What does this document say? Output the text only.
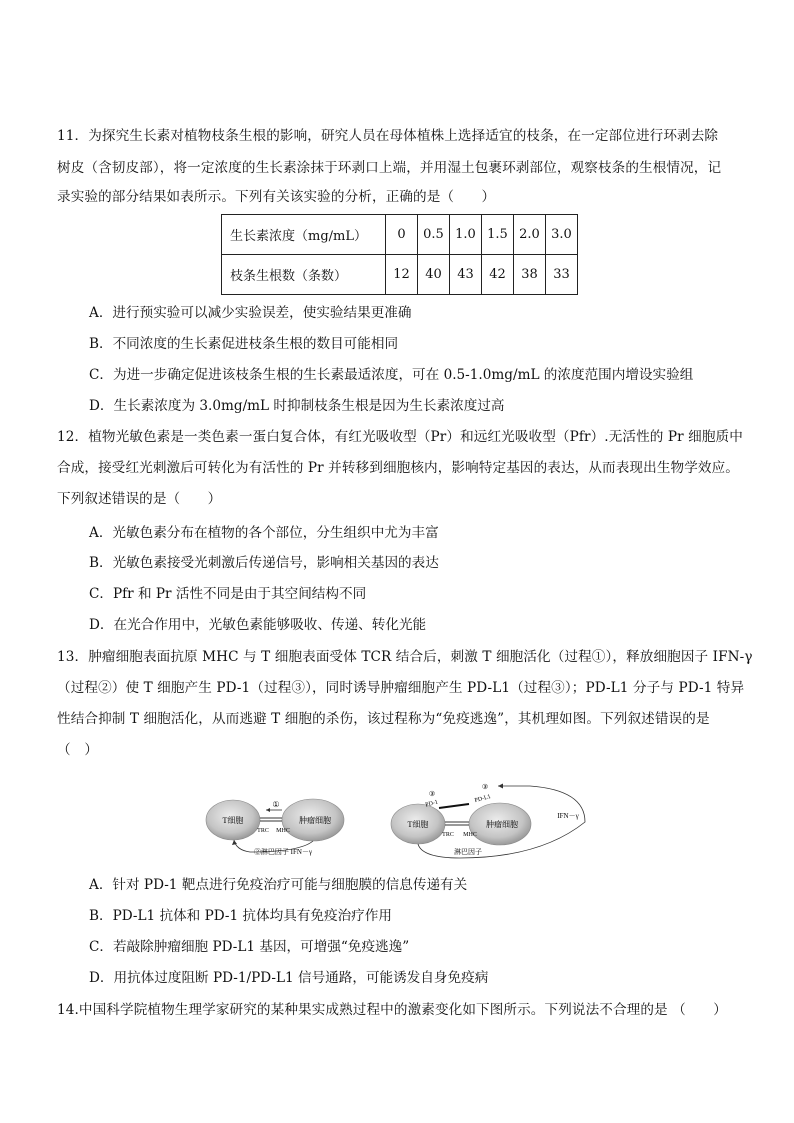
11．为探究生长素对植物枝条生根的影响，研究人员在母体植株上选择适宜的枝条，在一定部位进行环剥去除
树皮（含韧皮部），将一定浓度的生长素涂抹于环剥口上端，并用湿土包裹环剥部位，观察枝条的生根情况，记
录实验的部分结果如表所示。下列有关该实验的分析，正确的是（　　）
生长素浓度（mg/mL）	0	0.5	1.0	1.5	2.0	3.0
枝条生根数（条数）	12	40	43	42	38	33
A．进行预实验可以减少实验误差，使实验结果更准确
B．不同浓度的生长素促进枝条生根的数目可能相同
C．为进一步确定促进该枝条生根的生长素最适浓度，可在 0.5-1.0mg/mL 的浓度范围内增设实验组
D．生长素浓度为 3.0mg/mL 时抑制枝条生根是因为生长素浓度过高
12．植物光敏色素是一类色素一蛋白复合体，有红光吸收型（Pr）和远红光吸收型（Pfr）.无活性的 Pr 细胞质中
合成，接受红光刺激后可转化为有活性的 Pr 并转移到细胞核内，影响特定基因的表达，从而表现出生物学效应。
下列叙述错误的是（　　）
A．光敏色素分布在植物的各个部位，分生组织中尤为丰富
B．光敏色素接受光刺激后传递信号，影响相关基因的表达
C．Pfr 和 Pr 活性不同是由于其空间结构不同
D．在光合作用中，光敏色素能够吸收、传递、转化光能
13．肿瘤细胞表面抗原 MHC 与 T 细胞表面受体 TCR 结合后，刺激 T 细胞活化（过程①），释放细胞因子 IFN-γ
（过程②）使 T 细胞产生 PD-1（过程③），同时诱导肿瘤细胞产生 PD-L1（过程③）；PD-L1 分子与 PD-1 特异
性结合抑制 T 细胞活化，从而逃避 T 细胞的杀伤，该过程称为“免疫逃逸”，其机理如图。下列叙述错误的是
（　）
T细胞	肿瘤细胞
①
TRC MHC
②淋巴因子 IFN－γ
T细胞	肿瘤细胞
③
PD-1
③
PD-L1
TRC MHC
IFN－γ
淋巴因子
A．针对 PD-1 靶点进行免疫治疗可能与细胞膜的信息传递有关
B．PD-L1 抗体和 PD-1 抗体均具有免疫治疗作用
C．若敲除肿瘤细胞 PD-L1 基因，可增强“免疫逃逸”
D．用抗体过度阻断 PD-1/PD-L1 信号通路，可能诱发自身免疫病
14.中国科学院植物生理学家研究的某种果实成熟过程中的激素变化如下图所示。下列说法不合理的是 （　　）
